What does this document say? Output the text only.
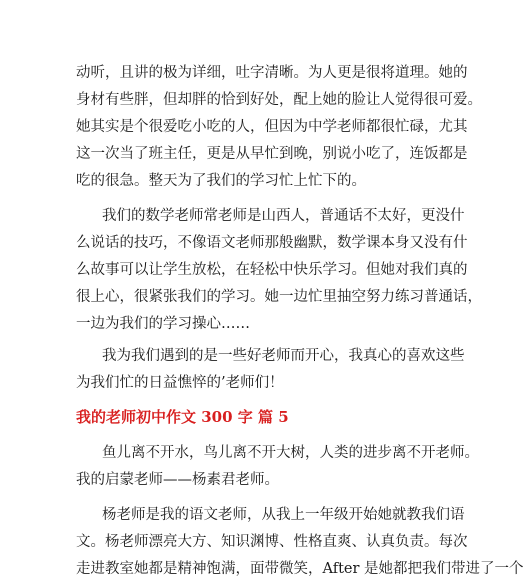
动听，且讲的极为详细，吐字清晰。为人更是很将道理。她的
身材有些胖，但却胖的恰到好处，配上她的脸让人觉得很可爱。
她其实是个很爱吃小吃的人，但因为中学老师都很忙碌，尤其
这一次当了班主任，更是从早忙到晚，别说小吃了，连饭都是
吃的很急。整天为了我们的学习忙上忙下的。
我们的数学老师常老师是山西人，普通话不太好，更没什
么说话的技巧，不像语文老师那般幽默，数学课本身又没有什
么故事可以让学生放松，在轻松中快乐学习。但她对我们真的
很上心，很紧张我们的学习。她一边忙里抽空努力练习普通话，
一边为我们的学习操心……
我为我们遇到的是一些好老师而开心，我真心的喜欢这些
为我们忙的日益憔悴的’老师们！
我的老师初中作文 300 字 篇 5
鱼儿离不开水，鸟儿离不开大树，人类的进步离不开老师。
我的启蒙老师——杨素君老师。
杨老师是我的语文老师，从我上一年级开始她就教我们语
文。杨老师漂亮大方、知识渊博、性格直爽、认真负责。每次
走进教室她都是精神饱满，面带微笑，After 是她都把我们带进了一个
